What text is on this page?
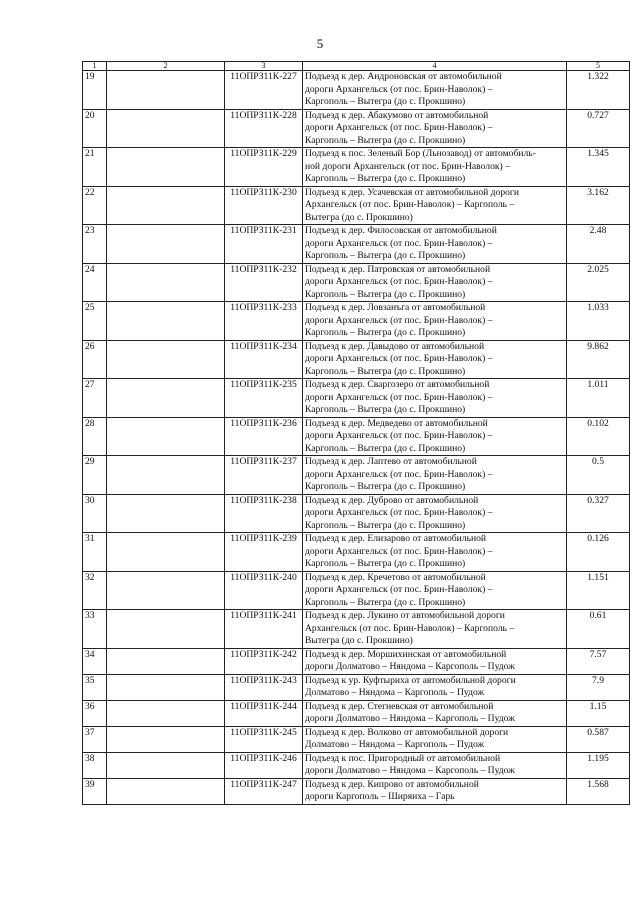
5
1	2	3	4	5
19		11ОПРЗ11К-227	Подъезд к дер. Андроновская от автомобильной
дороги Архангельск (от пос. Брин-Наволок) –
Каргополь – Вытегра (до с. Прокшино)	1.322
20		11ОПРЗ11К-228	Подъезд к дер. Абакумово от автомобильной
дороги Архангельск (от пос. Брин-Наволок) –
Каргополь – Вытегра (до с. Прокшино)	0.727
21		11ОПРЗ11К-229	Подъезд к пос. Зеленый Бор (Льнозавод) от автомобиль-
ной дороги Архангельск (от пос. Брин-Наволок) –
Каргополь – Вытегра (до с. Прокшино)	1.345
22		11ОПРЗ11К-230	Подъезд к дер. Усачевская от автомобильной дороги
Архангельск (от пос. Брин-Наволок) – Каргополь –
Вытегра (до с. Прокшино)	3.162
23		11ОПРЗ11К-231	Подъезд к дер. Филосовская от автомобильной
дороги Архангельск (от пос. Брин-Наволок) –
Каргополь – Вытегра (до с. Прокшино)	2.48
24		11ОПРЗ11К-232	Подъезд к дер. Патровская от автомобильной
дороги Архангельск (от пос. Брин-Наволок) –
Каргополь – Вытегра (до с. Прокшино)	2.025
25		11ОПРЗ11К-233	Подъезд к дер. Ловзанъга от автомобильной
дороги Архангельск (от пос. Брин-Наволок) –
Каргополь – Вытегра (до с. Прокшино)	1.033
26		11ОПРЗ11К-234	Подъезд к дер. Давыдово от автомобильной
дороги Архангельск (от пос. Брин-Наволок) –
Каргополь – Вытегра (до с. Прокшино)	9.862
27		11ОПРЗ11К-235	Подъезд к дер. Сваргозеро от автомобильной
дороги Архангельск (от пос. Брин-Наволок) –
Каргополь – Вытегра (до с. Прокшино)	1.011
28		11ОПРЗ11К-236	Подъезд к дер. Медведево от автомобильной
дороги Архангельск (от пос. Брин-Наволок) –
Каргополь – Вытегра (до с. Прокшино)	0.102
29		11ОПРЗ11К-237	Подъезд к дер. Лаптево от автомобильной
дороги Архангельск (от пос. Брин-Наволок) –
Каргополь – Вытегра (до с. Прокшино)	0.5
30		11ОПРЗ11К-238	Подъезд к дер. Дуброво от автомобильной
дороги Архангельск (от пос. Брин-Наволок) –
Каргополь – Вытегра (до с. Прокшино)	0.327
31		11ОПРЗ11К-239	Подъезд к дер. Елизарово от автомобильной
дороги Архангельск (от пос. Брин-Наволок) –
Каргополь – Вытегра (до с. Прокшино)	0.126
32		11ОПРЗ11К-240	Подъезд к дер. Кречетово от автомобильной
дороги Архангельск (от пос. Брин-Наволок) –
Каргополь – Вытегра (до с. Прокшино)	1.151
33		11ОПРЗ11К-241	Подъезд к дер. Лукино от автомобильной дороги
Архангельск (от пос. Брин-Наволок) – Каргополь –
Вытегра (до с. Прокшино)	0.61
34		11ОПРЗ11К-242	Подъезд к дер. Моршихинская от автомобильной
дороги Долматово – Няндома – Каргополь – Пудож	7.57
35		11ОПРЗ11К-243	Подъезд к ур. Куфтыриха от автомобильной дороги
Долматово – Няндома – Каргополь – Пудож	7.9
36		11ОПРЗ11К-244	Подъезд к дер. Стегневская от автомобильной
дороги Долматово – Няндома – Каргополь – Пудож	1.15
37		11ОПРЗ11К-245	Подъезд к дер. Волково от автомобильной дороги
Долматово – Няндома – Каргополь – Пудож	0.587
38		11ОПРЗ11К-246	Подъезд к пос. Пригородный от автомобильной
дороги Долматово – Няндома – Каргополь – Пудож	1.195
39		11ОПРЗ11К-247	Подъезд к дер. Кипрово от автомобильной
дороги Каргополь – Ширяиха – Гарь	1.568
